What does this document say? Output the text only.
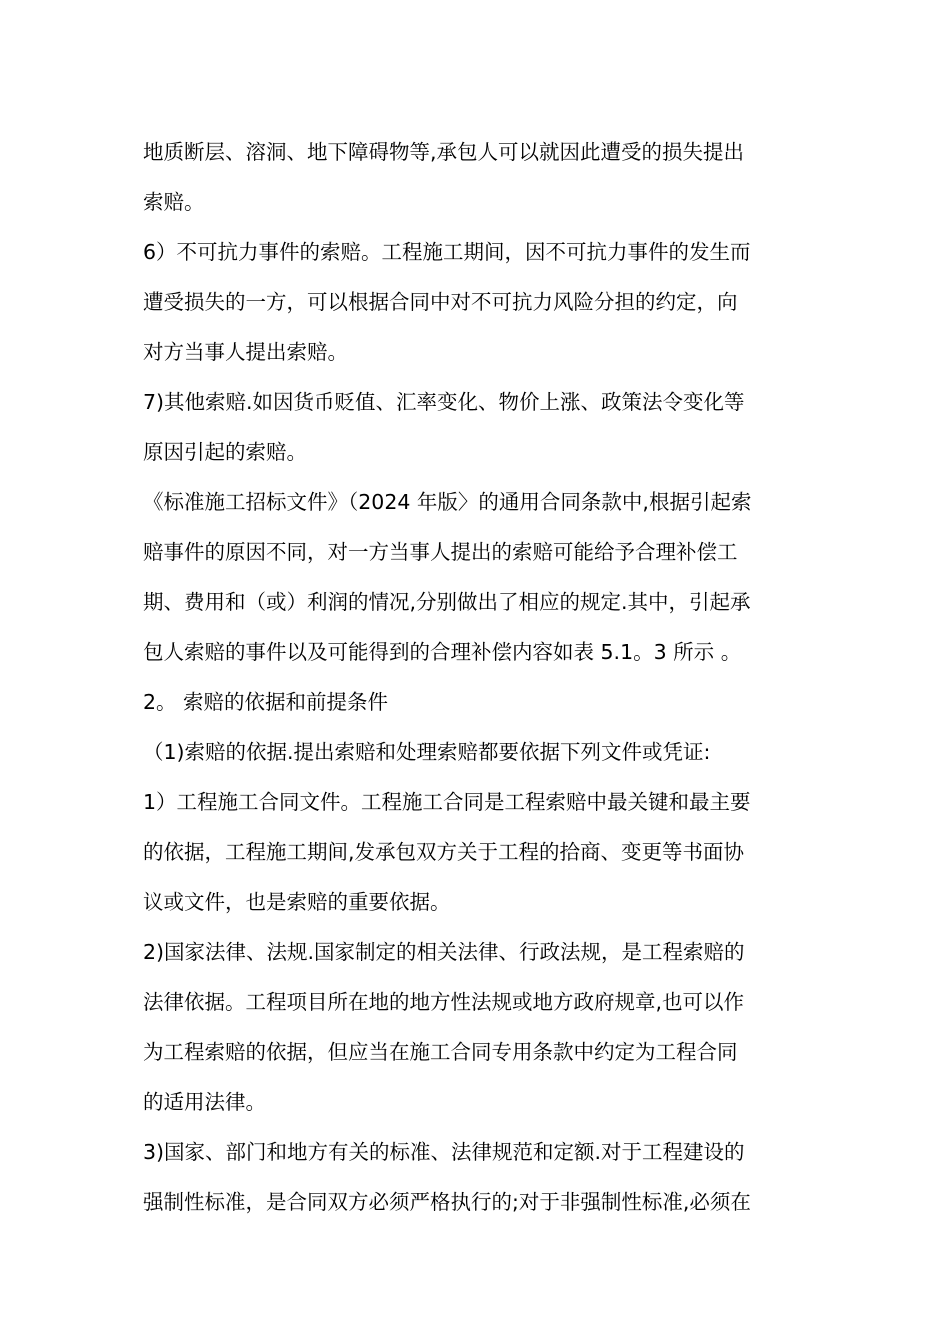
地质断层、溶洞、地下障碍物等,承包人可以就因此遭受的损失提出
索赔。
6）不可抗力事件的索赔。工程施工期间，因不可抗力事件的发生而
遭受损失的一方，可以根据合同中对不可抗力风险分担的约定，向
对方当事人提出索赔。
7)其他索赔.如因货币贬值、汇率变化、物价上涨、政策法令变化等
原因引起的索赔。
《标准施工招标文件》（2024 年版〉的通用合同条款中,根据引起索
赔事件的原因不同，对一方当事人提出的索赔可能给予合理补偿工
期、费用和（或）利润的情况,分别做出了相应的规定.其中，引起承
包人索赔的事件以及可能得到的合理补偿内容如表 5.1。3 所示 。
2。 索赔的依据和前提条件
（1)索赔的依据.提出索赔和处理索赔都要依据下列文件或凭证:
1）工程施工合同文件。工程施工合同是工程索赔中最关键和最主要
的依据，工程施工期间,发承包双方关于工程的拾商、变更等书面协
议或文件，也是索赔的重要依据。
2)国家法律、法规.国家制定的相关法律、行政法规，是工程索赔的
法律依据。工程项目所在地的地方性法规或地方政府规章,也可以作
为工程索赔的依据，但应当在施工合同专用条款中约定为工程合同
的适用法律。
3)国家、部门和地方有关的标准、法律规范和定额.对于工程建设的
强制性标准，是合同双方必须严格执行的;对于非强制性标准,必须在
